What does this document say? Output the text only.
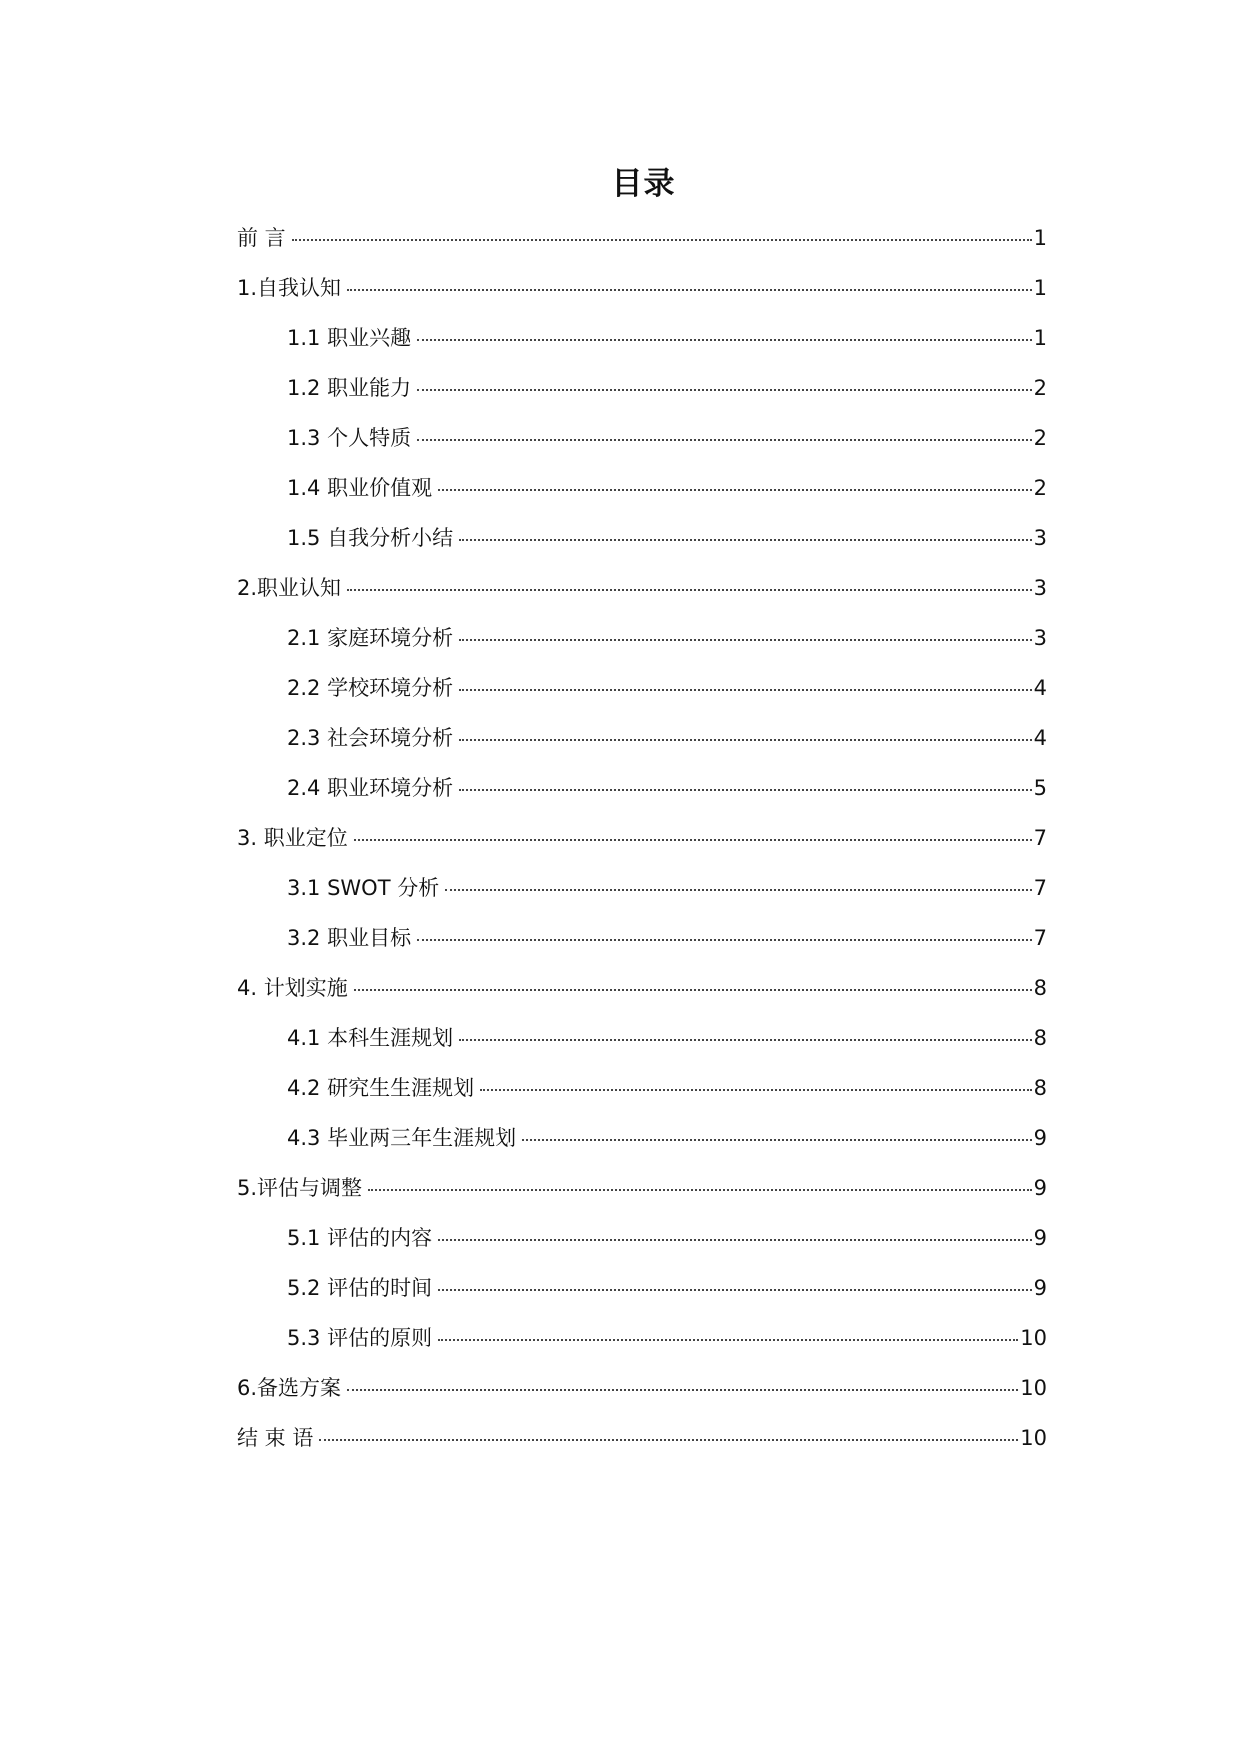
目录
前 言	1
1.自我认知	1
1.1 职业兴趣	1
1.2 职业能力	2
1.3 个人特质	2
1.4 职业价值观	2
1.5 自我分析小结	3
2.职业认知	3
2.1 家庭环境分析	3
2.2 学校环境分析	4
2.3 社会环境分析	4
2.4 职业环境分析	5
3. 职业定位	7
3.1 SWOT 分析	7
3.2 职业目标	7
4. 计划实施	8
4.1 本科生涯规划	8
4.2 研究生生涯规划	8
4.3 毕业两三年生涯规划	9
5.评估与调整	9
5.1 评估的内容	9
5.2 评估的时间	9
5.3 评估的原则	10
6.备选方案	10
结 束 语	10
